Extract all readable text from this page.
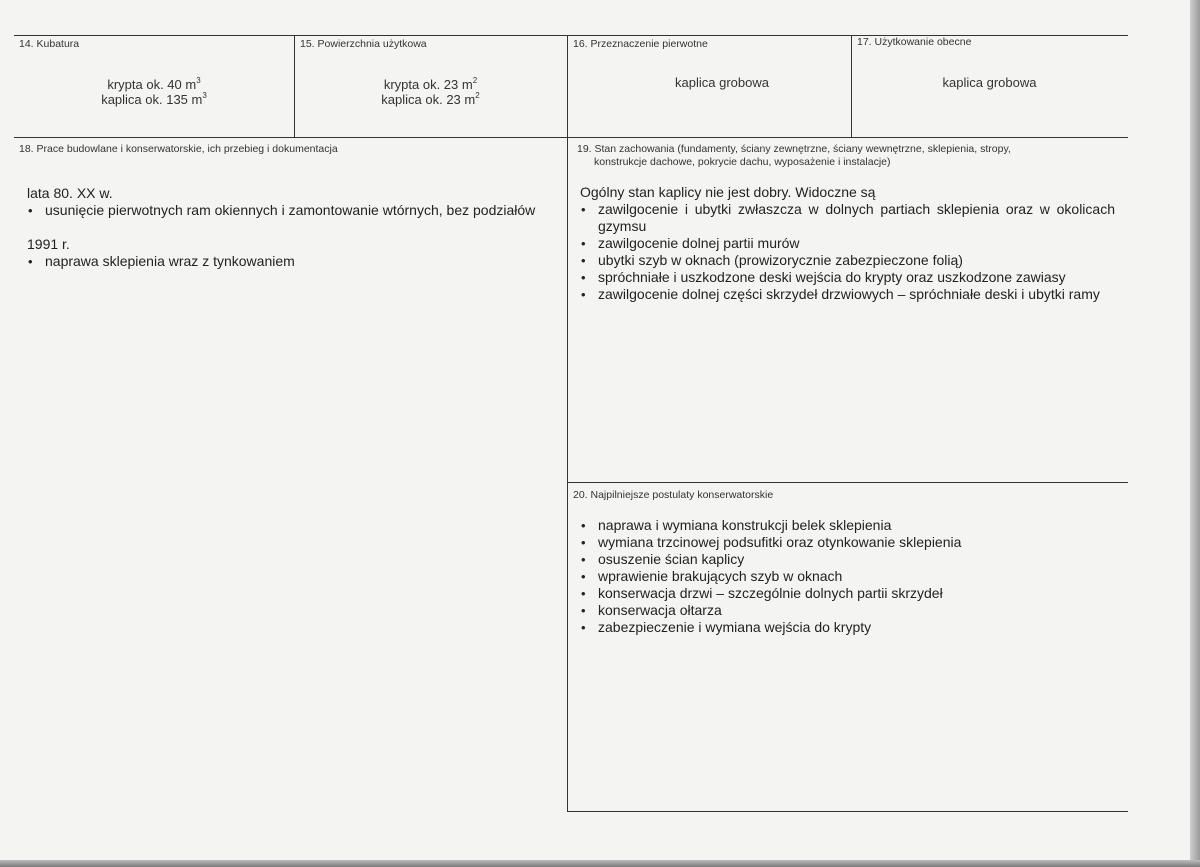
14. Kubatura
krypta ok. 40 $m^3$
kaplica ok. 135 $m^3$
15. Powierzchnia użytkowa
krypta ok. 23 $m^2$
kaplica ok. 23 $m^2$
16. Przeznaczenie pierwotne
kaplica grobowa
17. Użytkowanie obecne
kaplica grobowa
18. Prace budowlane i konserwatorskie, ich przebieg i dokumentacja
lata 80. XX w.
• usunięcie pierwotnych ram okiennych i zamontowanie wtórnych, bez podziałów
1991 r.
• naprawa sklepienia wraz z tynkowaniem
19. Stan zachowania (fundamenty, ściany zewnętrzne, ściany wewnętrzne, sklepienia, stropy,
konstrukcje dachowe, pokrycie dachu, wyposażenie i instalacje)
Ogólny stan kaplicy nie jest dobry. Widoczne są
• zawilgocenie i ubytki zwłaszcza w dolnych partiach sklepienia oraz w okolicach gzymsu
• zawilgocenie dolnej partii murów
• ubytki szyb w oknach (prowizorycznie zabezpieczone folią)
• spróchniałe i uszkodzone deski wejścia do krypty oraz uszkodzone zawiasy
• zawilgocenie dolnej części skrzydeł drzwiowych – spróchniałe deski i ubytki ramy
20. Najpilniejsze postulaty konserwatorskie
• naprawa i wymiana konstrukcji belek sklepienia
• wymiana trzcinowej podsufitki oraz otynkowanie sklepienia
• osuszenie ścian kaplicy
• wprawienie brakujących szyb w oknach
• konserwacja drzwi – szczególnie dolnych partii skrzydeł
• konserwacja ołtarza
• zabezpieczenie i wymiana wejścia do krypty
